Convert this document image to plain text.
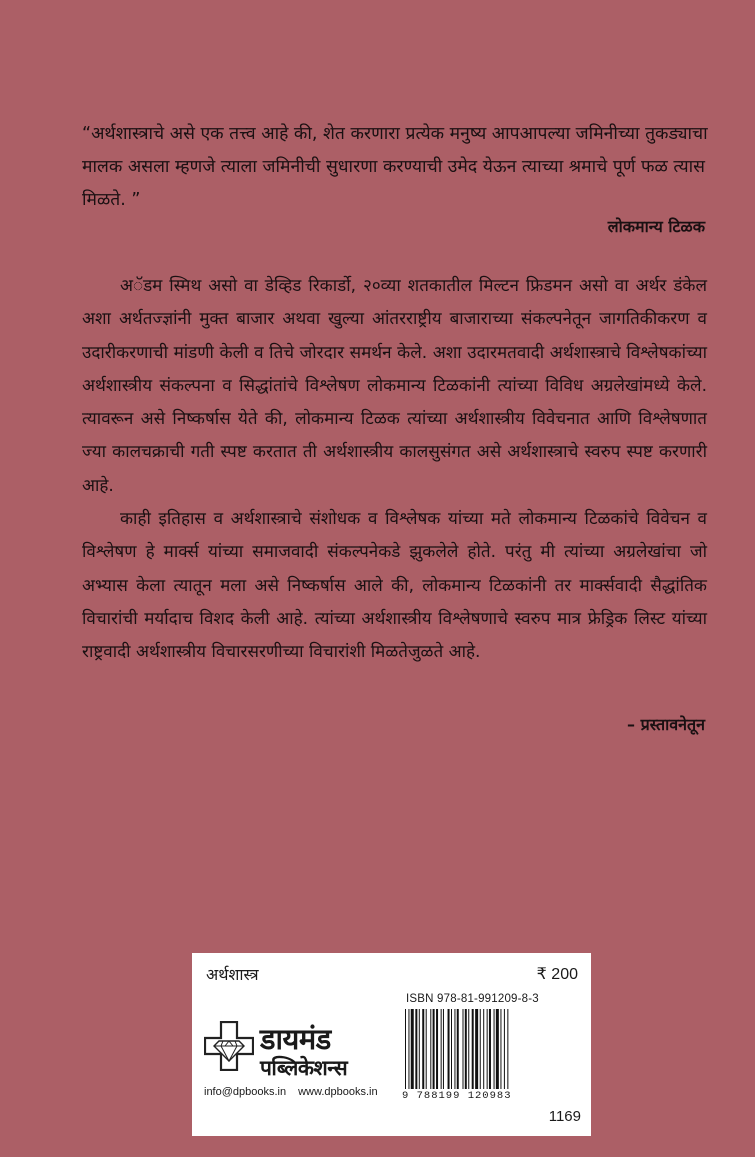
“अर्थशास्त्राचे असे एक तत्त्व आहे की, शेत करणारा प्रत्येक मनुष्य आपआपल्या जमिनीच्या तुकड्याचा मालक असला म्हणजे त्याला जमिनीची सुधारणा करण्याची उमेद येऊन त्याच्या श्रमाचे पूर्ण फळ त्यास मिळते. ”
लोकमान्य टिळक

अॅडम स्मिथ असो वा डेव्हिड रिकार्डो, २०व्या शतकातील मिल्टन फ्रिडमन असो वा अर्थर डंकेल अशा अर्थतज्ज्ञांनी मुक्त बाजार अथवा खुल्या आंतरराष्ट्रीय बाजाराच्या संकल्पनेतून जागतिकीकरण व उदारीकरणाची मांडणी केली व तिचे जोरदार समर्थन केले. अशा उदारमतवादी अर्थशास्त्राचे विश्लेषकांच्या अर्थशास्त्रीय संकल्पना व सिद्धांतांचे विश्लेषण लोकमान्य टिळकांनी त्यांच्या विविध अग्रलेखांमध्ये केले. त्यावरून असे निष्कर्षास येते की, लोकमान्य टिळक त्यांच्या अर्थशास्त्रीय विवेचनात आणि विश्लेषणात ज्या कालचक्राची गती स्पष्ट करतात ती अर्थशास्त्रीय कालसुसंगत असे अर्थशास्त्राचे स्वरुप स्पष्ट करणारी आहे.

काही इतिहास व अर्थशास्त्राचे संशोधक व विश्लेषक यांच्या मते लोकमान्य टिळकांचे विवेचन व विश्लेषण हे मार्क्स यांच्या समाजवादी संकल्पनेकडे झुकलेले होते. परंतु मी त्यांच्या अग्रलेखांचा जो अभ्यास केला त्यातून मला असे निष्कर्षास आले की, लोकमान्य टिळकांनी तर मार्क्सवादी सैद्धांतिक विचारांची मर्यादाच विशद केली आहे. त्यांच्या अर्थशास्त्रीय विश्लेषणाचे स्वरुप मात्र फ्रेड्रिक लिस्ट यांच्या राष्ट्रवादी अर्थशास्त्रीय विचारसरणीच्या विचारांशी मिळतेजुळते आहे.

– प्रस्तावनेतून
अर्थशास्त्र	₹ 200
डायमंड
पब्लिकेशन्स
info@dpbooks.in www.dpbooks.in
ISBN 978-81-991209-8-3
9 788199 120983
1169
